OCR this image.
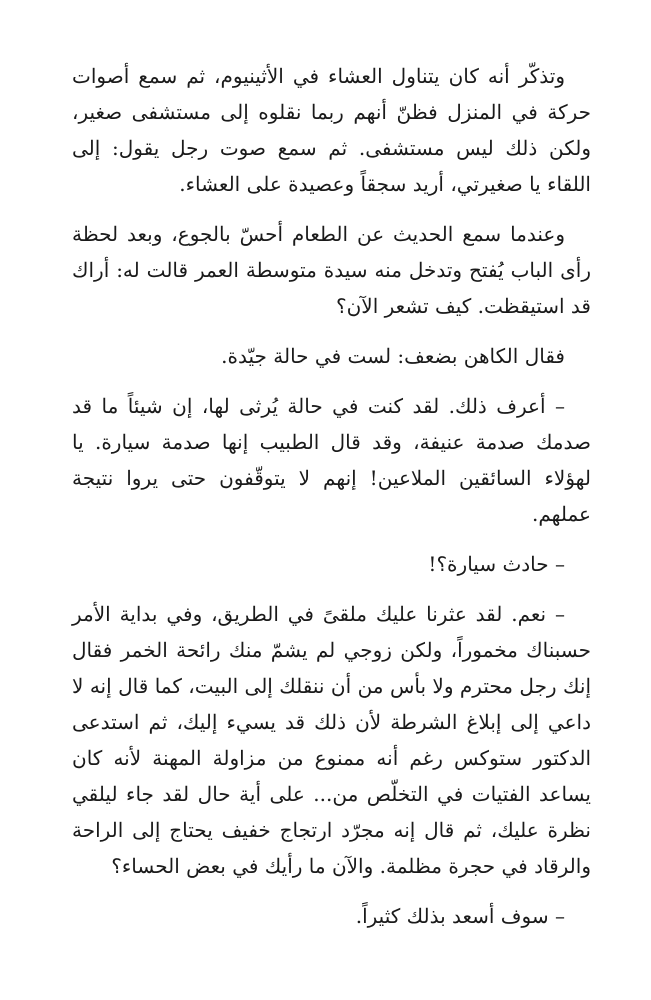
وتذكّر أنه كان يتناول العشاء في الأثينيوم، ثم سمع أصوات حركة في المنزل فظنّ أنهم ربما نقلوه إلى مستشفى صغير، ولكن ذلك ليس مستشفى. ثم سمع صوت رجل يقول: إلى اللقاء يا صغيرتي، أريد سجقاً وعصيدة على العشاء.

وعندما سمع الحديث عن الطعام أحسّ بالجوع، وبعد لحظة رأى الباب يُفتح وتدخل منه سيدة متوسطة العمر قالت له: أراك قد استيقظت. كيف تشعر الآن؟

فقال الكاهن بضعف: لست في حالة جيّدة.

– أعرف ذلك. لقد كنت في حالة يُرثى لها، إن شيئاً ما قد صدمك صدمة عنيفة، وقد قال الطبيب إنها صدمة سيارة. يا لهؤلاء السائقين الملاعين! إنهم لا يتوقّفون حتى يروا نتيجة عملهم.

– حادث سيارة؟!

– نعم. لقد عثرنا عليك ملقىً في الطريق، وفي بداية الأمر حسبناك مخموراً، ولكن زوجي لم يشمّ منك رائحة الخمر فقال إنك رجل محترم ولا بأس من أن ننقلك إلى البيت، كما قال إنه لا داعي إلى إبلاغ الشرطة لأن ذلك قد يسيء إليك، ثم استدعى الدكتور ستوكس رغم أنه ممنوع من مزاولة المهنة لأنه كان يساعد الفتيات في التخلّص من... على أية حال لقد جاء ليلقي نظرة عليك، ثم قال إنه مجرّد ارتجاج خفيف يحتاج إلى الراحة والرقاد في حجرة مظلمة. والآن ما رأيك في بعض الحساء؟

– سوف أسعد بذلك كثيراً.
